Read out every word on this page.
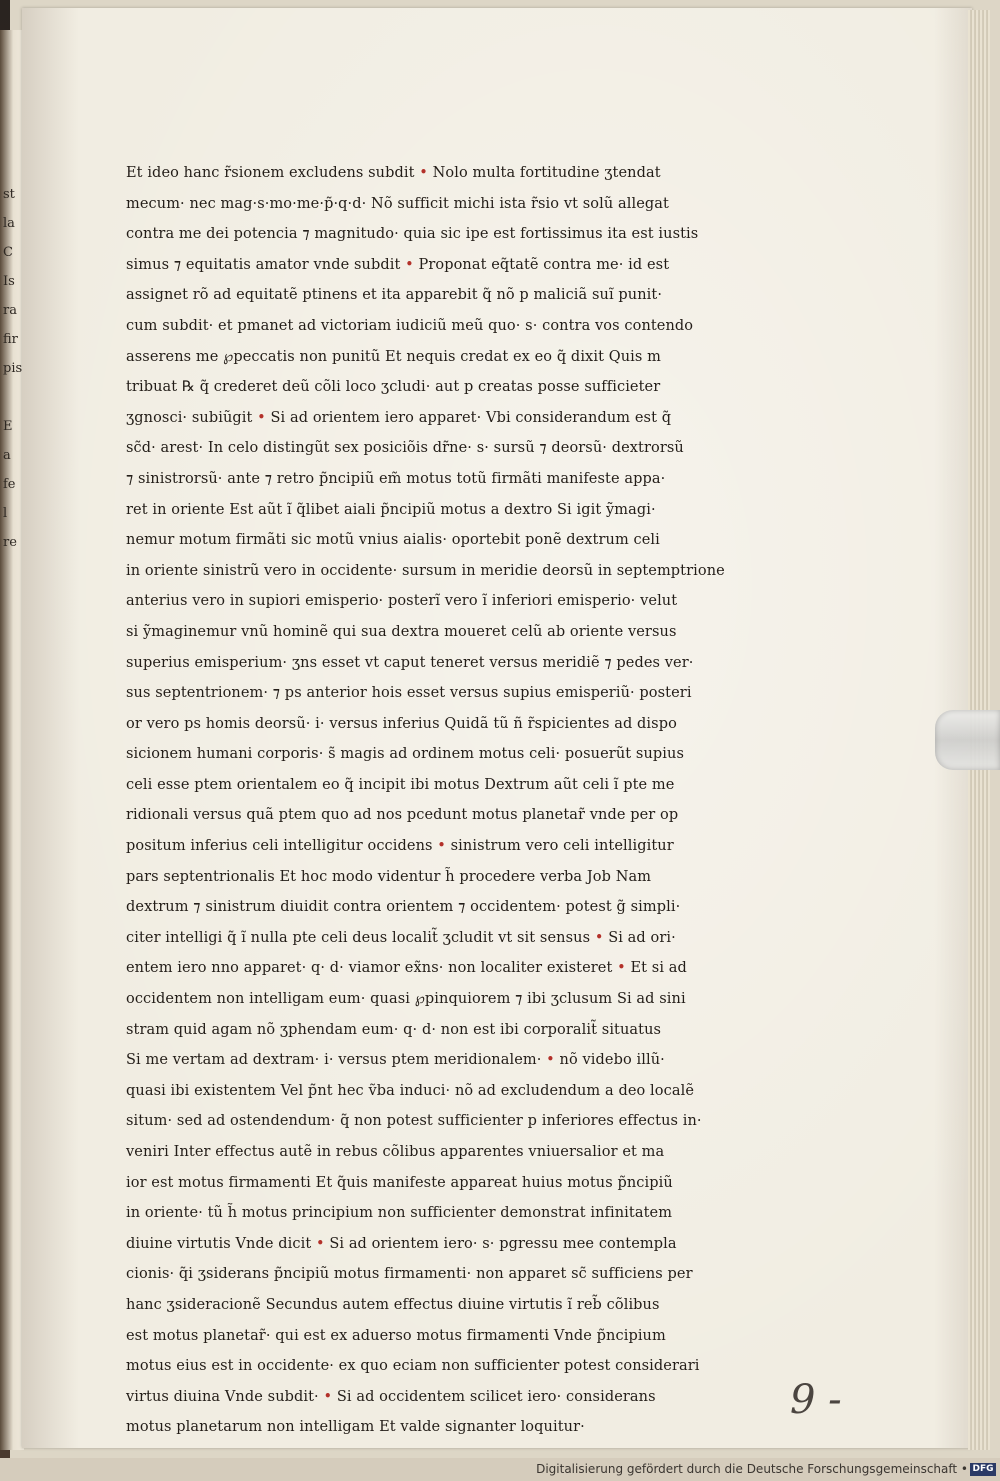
st
la
C
Is
ra
fir
pis

E
a
fe
l
re
Et ideo hanc r̃sionem excludens subdit • Nolo multa fortitudine ʒtendat
mecum· nec mag·s·mo·me·p̃·q·d· Nõ sufficit michi ista r̃sio vt solũ allegat
contra me dei potencia ⁊ magnitudo· quia sic ipe est fortissimus ita est iustis
simus ⁊ equitatis amator vnde subdit • Proponat eq̃tatẽ contra me· id est
assignet rõ ad equitatẽ ptinens et ita apparebit q̃ nõ p maliciã suĩ punit·
cum subdit· et pmanet ad victoriam iudiciũ meũ quo· s· contra vos contendo
asserens me ℘peccatis non punitũ Et nequis credat ex eo q̃ dixit Quis m
tribuat ℞ q̃ crederet deũ cõli loco ʒcludi· aut p creatas posse sufficieter
ʒgnosci· subiũgit • Si ad orientem iero apparet· Vbi considerandum est q̃
sc̃d· arest· In celo distingũt sex posiciõis dr̃ne· s· sursũ ⁊ deorsũ· dextrorsũ
⁊ sinistrorsũ· ante ⁊ retro p̃ncipiũ em̃ motus totũ firmãti manifeste appa·
ret in oriente Est aũt ĩ q̃libet aiali p̃ncipiũ motus a dextro Si igit ỹmagi·
nemur motum firmãti sic motũ vnius aialis· oportebit ponẽ dextrum celi
in oriente sinistrũ vero in occidente· sursum in meridie deorsũ in septemptrione
anterius vero in supiori emisperio· posterĩ vero ĩ inferiori emisperio· velut
si ỹmaginemur vnũ hominẽ qui sua dextra moueret celũ ab oriente versus
superius emisperium· ʒns esset vt caput teneret versus meridiẽ ⁊ pedes ver·
sus septentrionem· ⁊ ps anterior hois esset versus supius emisperiũ· posteri
or vero ps homis deorsũ· i· versus inferius Quidã tũ ñ r̃spicientes ad dispo
sicionem humani corporis· s̃ magis ad ordinem motus celi· posuerũt supius
celi esse ptem orientalem eo q̃ incipit ibi motus Dextrum aũt celi ĩ pte me
ridionali versus quã ptem quo ad nos pcedunt motus planetar̃ vnde per op
positum inferius celi intelligitur occidens • sinistrum vero celi intelligitur
pars septentrionalis Et hoc modo videntur h̃ procedere verba Job Nam
dextrum ⁊ sinistrum diuidit contra orientem ⁊ occidentem· potest g̃ simpli·
citer intelligi q̃ ĩ nulla pte celi deus localit̃ ʒcludit vt sit sensus • Si ad ori·
entem iero nno apparet· q· d· viamor ex̃ns· non localiter existeret • Et si ad
occidentem non intelligam eum· quasi ℘pinquiorem ⁊ ibi ʒclusum Si ad sini
stram quid agam nõ ʒphendam eum· q· d· non est ibi corporalit̃ situatus
Si me vertam ad dextram· i· versus ptem meridionalem· • nõ videbo illũ·
quasi ibi existentem Vel p̃nt hec ṽba induci· nõ ad excludendum a deo localẽ
situm· sed ad ostendendum· q̃ non potest sufficienter p inferiores effectus in·
veniri Inter effectus autẽ in rebus cõlibus apparentes vniuersalior et ma
ior est motus firmamenti Et q̃uis manifeste appareat huius motus p̃ncipiũ
in oriente· tũ h̃ motus principium non sufficienter demonstrat infinitatem
diuine virtutis Vnde dicit • Si ad orientem iero· s· pgressu mee contempla
cionis· q̃i ʒsiderans p̃ncipiũ motus firmamenti· non apparet sc̃ sufficiens per
hanc ʒsideracionẽ Secundus autem effectus diuine virtutis ĩ reb̃ cõlibus
est motus planetar̃· qui est ex aduerso motus firmamenti Vnde p̃ncipium
motus eius est in occidente· ex quo eciam non sufficienter potest considerari
virtus diuina Vnde subdit· • Si ad occidentem scilicet iero· considerans
motus planetarum non intelligam Et valde signanter loquitur·
9 -
Digitalisierung gefördert durch die Deutsche Forschungsgemeinschaft • DFG
